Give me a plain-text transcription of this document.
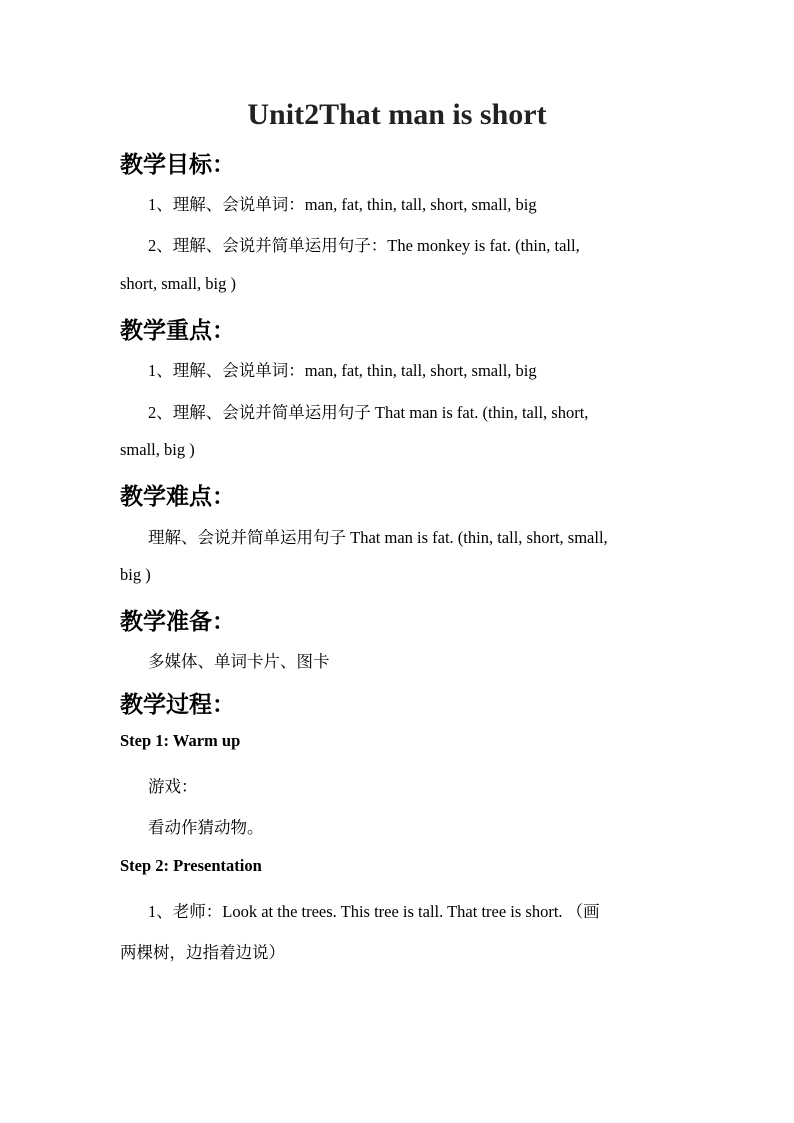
Unit2That man is short
教学目标：
1、理解、会说单词：man, fat, thin, tall, short, small, big
2、理解、会说并简单运用句子：The monkey is fat. (thin, tall,
short, small, big )
教学重点：
1、理解、会说单词：man, fat, thin, tall, short, small, big
2、理解、会说并简单运用句子 That man is fat. (thin, tall, short,
small, big )
教学难点：
理解、会说并简单运用句子 That man is fat. (thin, tall, short, small,
big )
教学准备：
多媒体、单词卡片、图卡
教学过程：
Step 1: Warm up
游戏：
看动作猜动物。
Step 2: Presentation
1、老师：Look at the trees. This tree is tall. That tree is short. （画
两棵树，边指着边说）
